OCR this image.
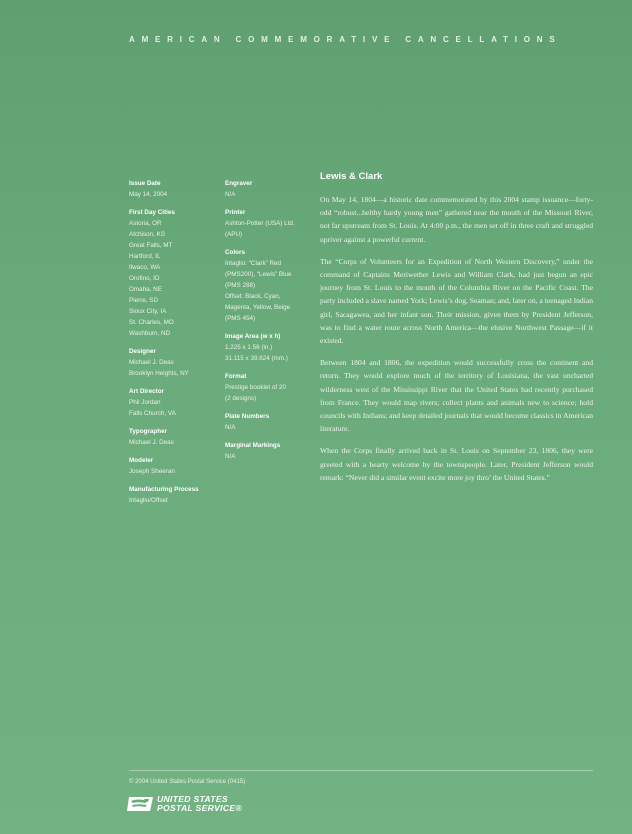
AMERICAN COMMEMORATIVE CANCELLATIONS
Issue Date
May 14, 2004
First Day Cities
Astoria, OR
Atchison, KS
Great Falls, MT
Hartford, IL
Ilwaco, WA
Orofino, ID
Omaha, NE
Pierre, SD
Sioux City, IA
St. Charles, MO
Washburn, ND
Designer
Michael J. Deas
Brooklyn Heights, NY
Art Director
Phil Jordan
Falls Church, VA
Typographer
Michael J. Deas
Modeler
Joseph Sheeran
Manufacturing Process
Intaglio/Offset
Engraver
N/A
Printer
Ashton-Potter (USA) Ltd.
(APU)
Colors
Intaglio: “Clark” Red
(PMS200), “Lewis” Blue
(PMS 288)
Offset: Black, Cyan,
Magenta, Yellow, Beige
(PMS 454)
Image Area (w x h)
1.225 x 1.56 (in.)
31.115 x 39.624 (mm.)
Format
Prestige booklet of 20
(2 designs)
Plate Numbers
N/A
Marginal Markings
N/A
Lewis & Clark

On May 14, 1804—a historic date commemorated by this 2004 stamp issuance—forty-odd “robust...helthy hardy young men” gathered near the mouth of the Missouri River, not far upstream from St. Louis. At 4:00 p.m., the men set off in three craft and struggled upriver against a powerful current.

The “Corps of Volunteers for an Expedition of North Western Discovery,” under the command of Captains Meriwether Lewis and William Clark, had just begun an epic journey from St. Louis to the mouth of the Columbia River on the Pacific Coast. The party included a slave named York; Lewis’s dog, Seaman; and, later on, a teenaged Indian girl, Sacagawea, and her infant son. Their mission, given them by President Jefferson, was to find a water route across North America—the elusive Northwest Passage—if it existed.

Between 1804 and 1806, the expedition would successfully cross the continent and return. They would explore much of the territory of Louisiana, the vast uncharted wilderness west of the Mississippi River that the United States had recently purchased from France. They would map rivers; collect plants and animals new to science; hold councils with Indians; and keep detailed journals that would become classics in American literature.

When the Corps finally arrived back in St. Louis on September 23, 1806, they were greeted with a hearty welcome by the townspeople. Later, President Jefferson would remark: “Never did a similar event excite more joy thro’ the United States.”

© 2004 United States Postal Service (0415)
UNITED STATES
POSTAL SERVICE®
